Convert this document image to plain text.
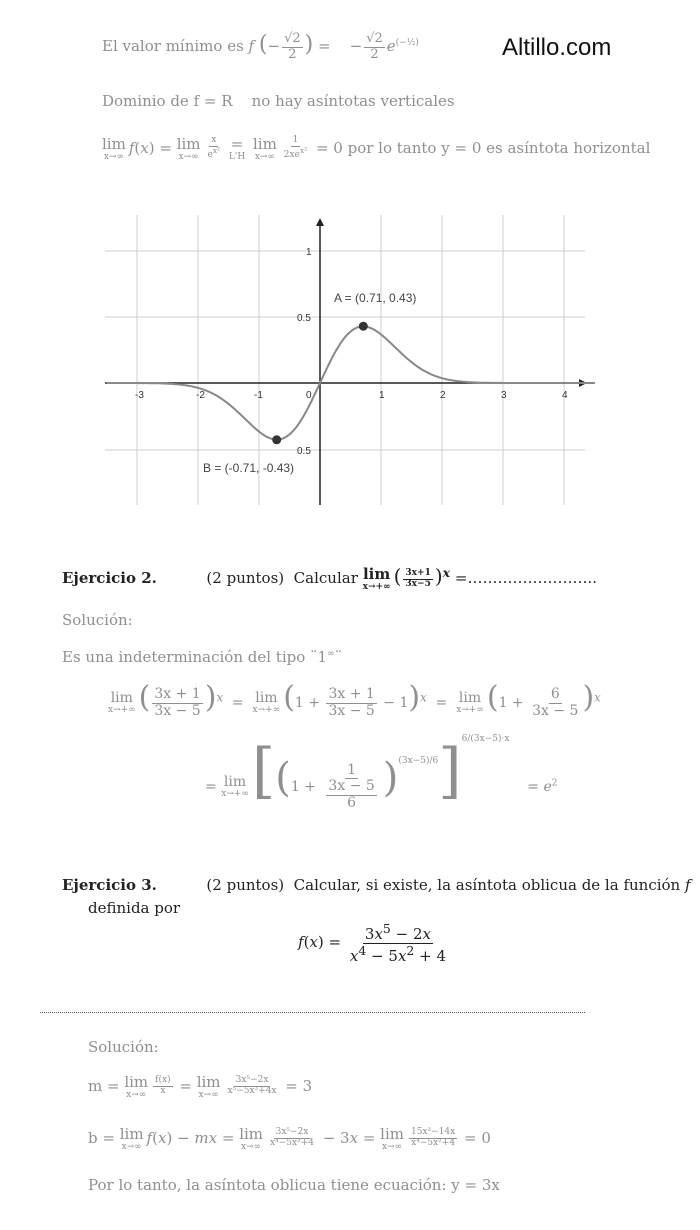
Altillo.com
El valor mínimo es f (− $\frac{√2}{2}$ ) =    − $\frac{√2}{2} e^{(-\frac{1}{2})}$
Dominio de f = R no hay asíntotas verticales
lim
x→∞ f(x) = lim
$x\to\infty \frac{x}{e^{x^2}}$
=
L'H

lim
$x\to\infty \frac{1}{2xe^{x^2}} = 0$ por lo tanto y = 0 es asíntota horizontal
-3	-2	-1	0	1	2	3	4
1
0.5
0.5
A = (0.71, 0.43)
B = (-0.71, -0.43)
Ejercicio 2.	(2 puntos) Calcular lim
x→+∞ ( $\frac{3x+1}{3x-5} )^x$ =……………………..
Solución:
Es una indeterminación del tipo ¨1∞¨
lim
x→+∞ ( $\frac{3x + 1}{3x - 5} )^x = \lim$
x→+∞ $(1 + \frac{3x + 1}{3x - 5} - 1)^x = \lim$
x→+∞ $(1 + \frac{6}{3x - 5} )^x$
= lim
x→+∞ $[(1 + \frac{1}{\frac{3x - 5}{6}} )^{(3x-5)/6}]^{6/(3x-5)\cdot x}$    = $e^2$
Ejercicio 3.	(2 puntos) Calcular, si existe, la asíntota oblicua de la función f
definida por
$f(x) = \frac{3x^5 - 2x}{x^4 - 5x^2 + 4}$
Solución:
m = lim
$x\to\infty \frac{f(x)}{x} = \lim$
$x\to\infty \frac{\text{3x⁵−2x}}{\text{x⁵−5x³+4x}} = 3$
b = lim
x→∞ f(x) − mx = lim
$x\to\infty \frac{\text{3x⁵−2x}}{\text{x⁴−5x²+4}} - 3x = \lim$
$x\to\infty \frac{\text{15x³−14x}}{\text{x⁴−5x²+4}} = 0$
Por lo tanto, la asíntota oblicua tiene ecuación: y = 3x
